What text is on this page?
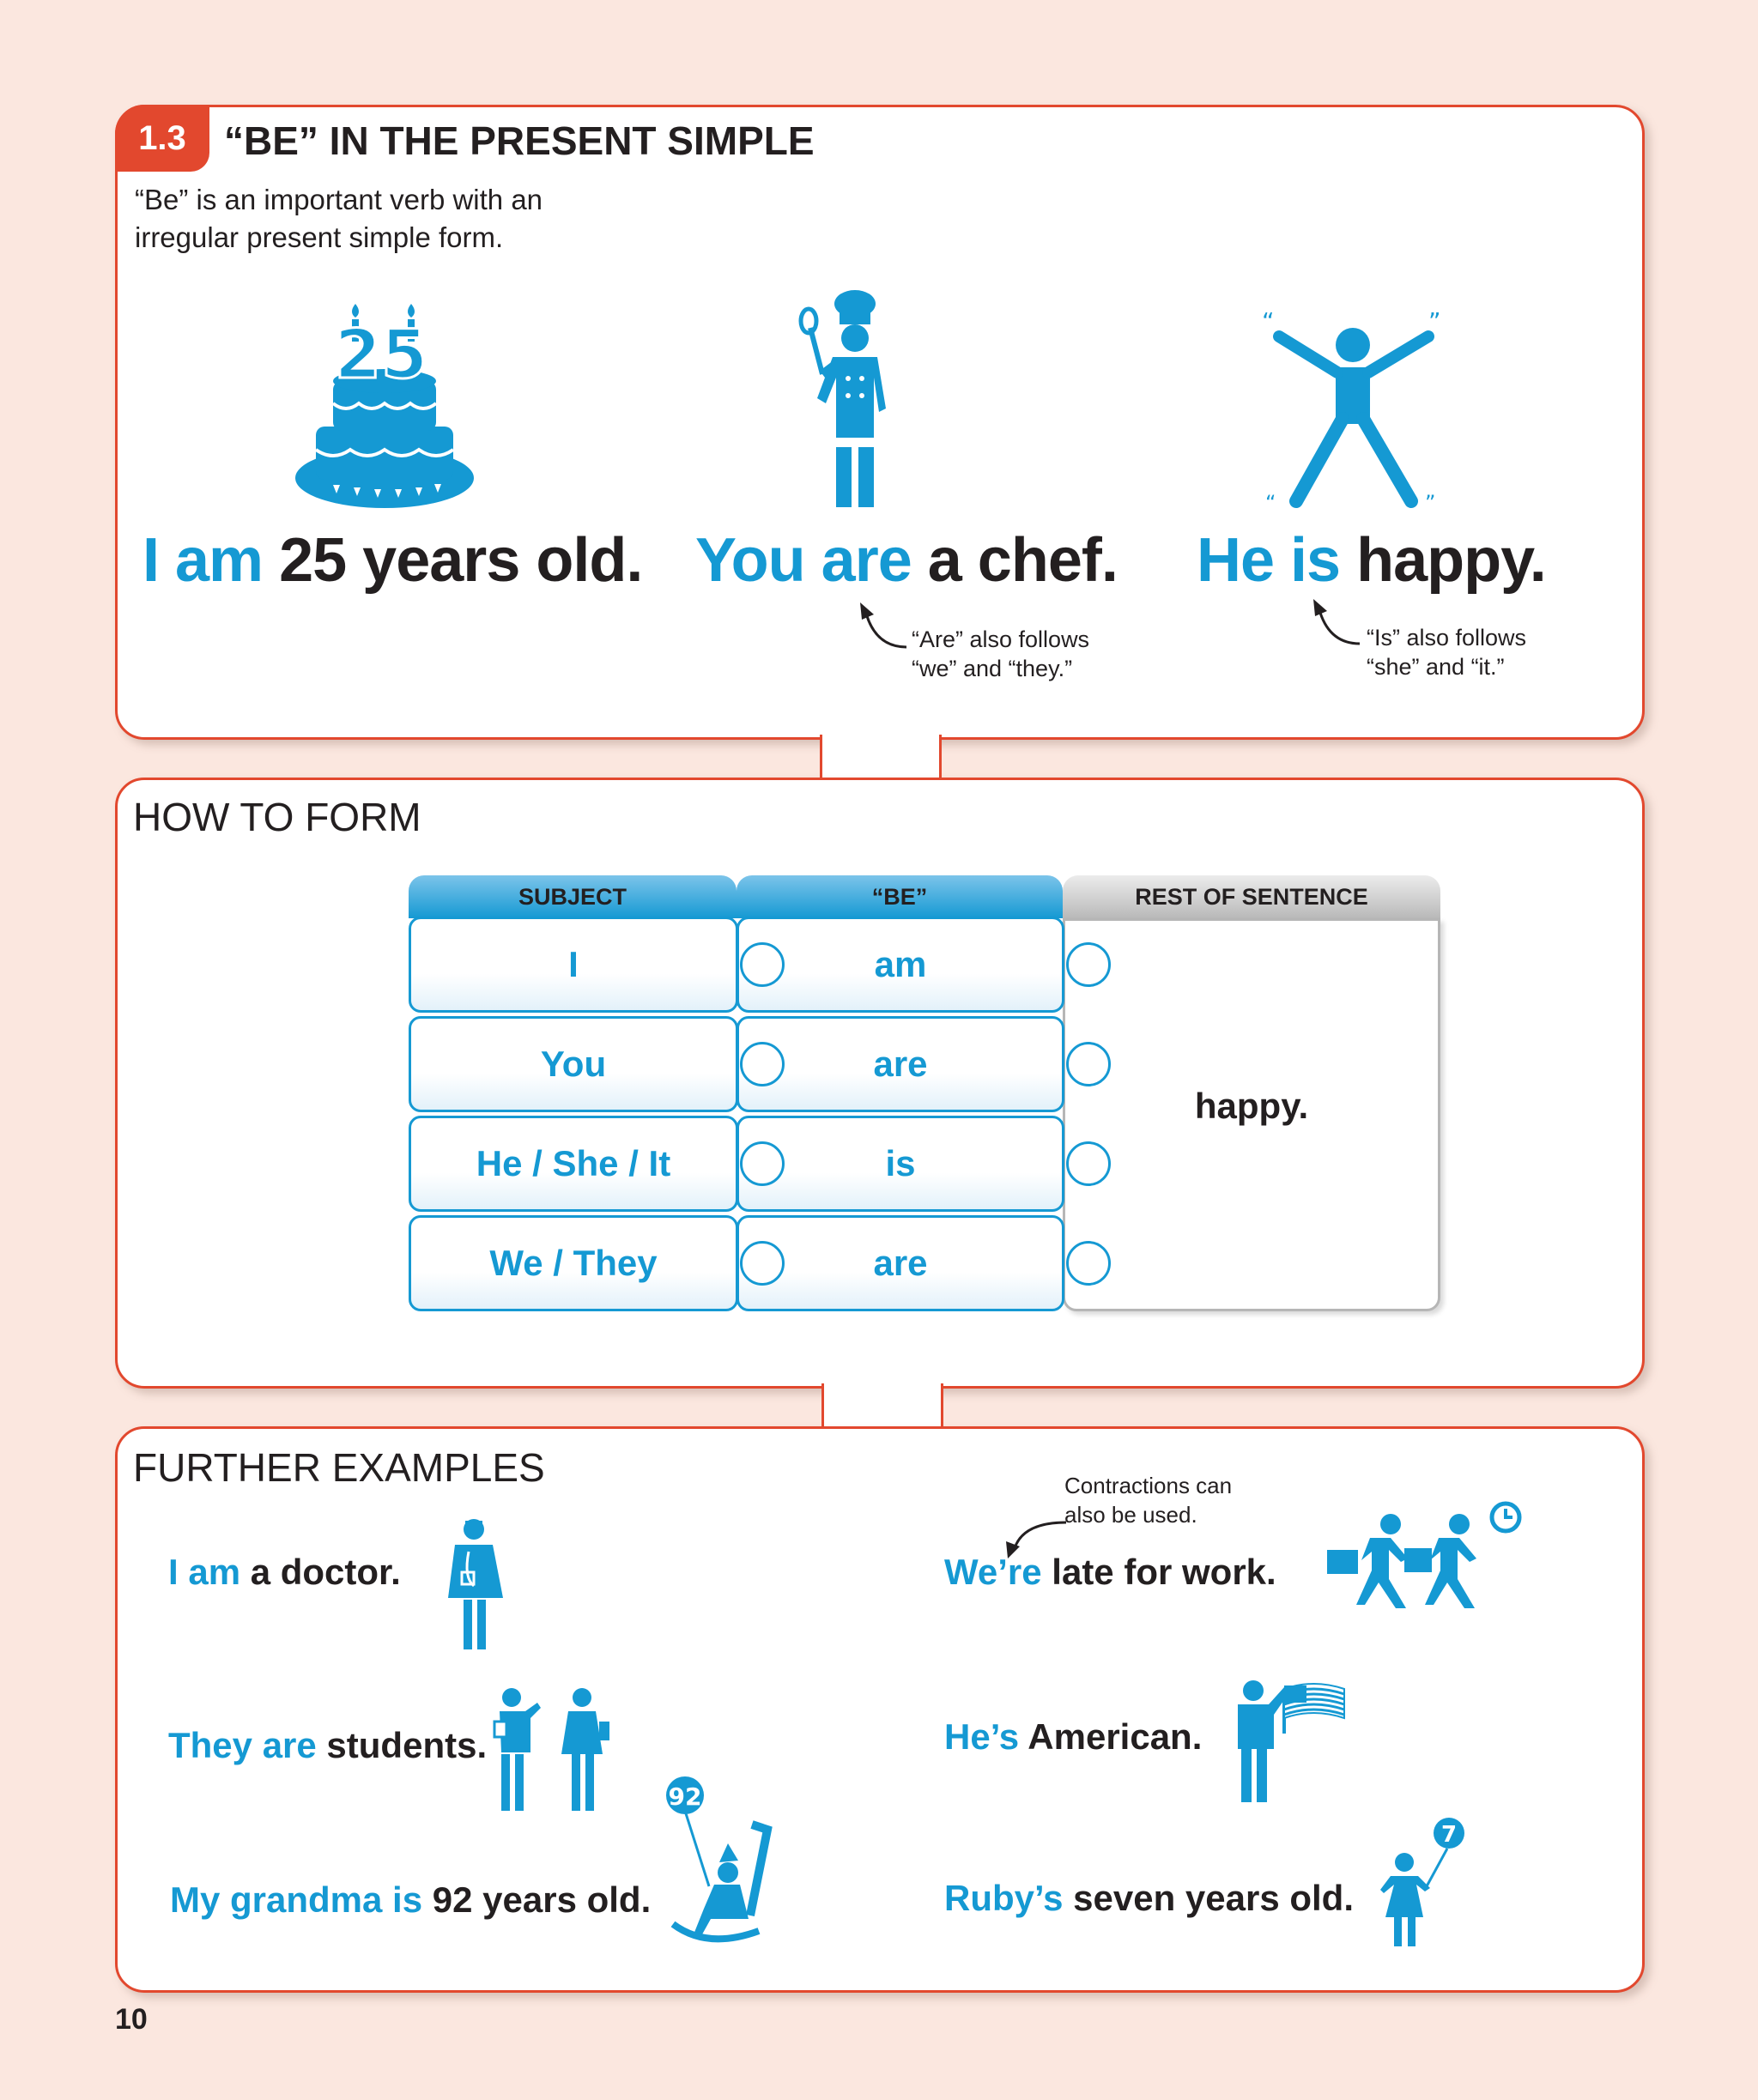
1.3 “BE” IN THE PRESENT SIMPLE
“Be” is an important verb with an
irregular present simple form.
25	“	”
“	”
I am 25 years old. You are a chef. He is happy.
“Are” also follows
“we” and “they.”
“Is” also follows
“she” and “it.”
HOW TO FORM
SUBJECT	“BE”	REST OF SENTENCE
happy.
I	am
You	are
He / She / It	is
We / They	are
FURTHER EXAMPLES
I am a doctor.
They are students.
My grandma is 92 years old.
We’re late for work.
He’s American.
Ruby’s seven years old.
Contractions can
also be used.
92
7
10
